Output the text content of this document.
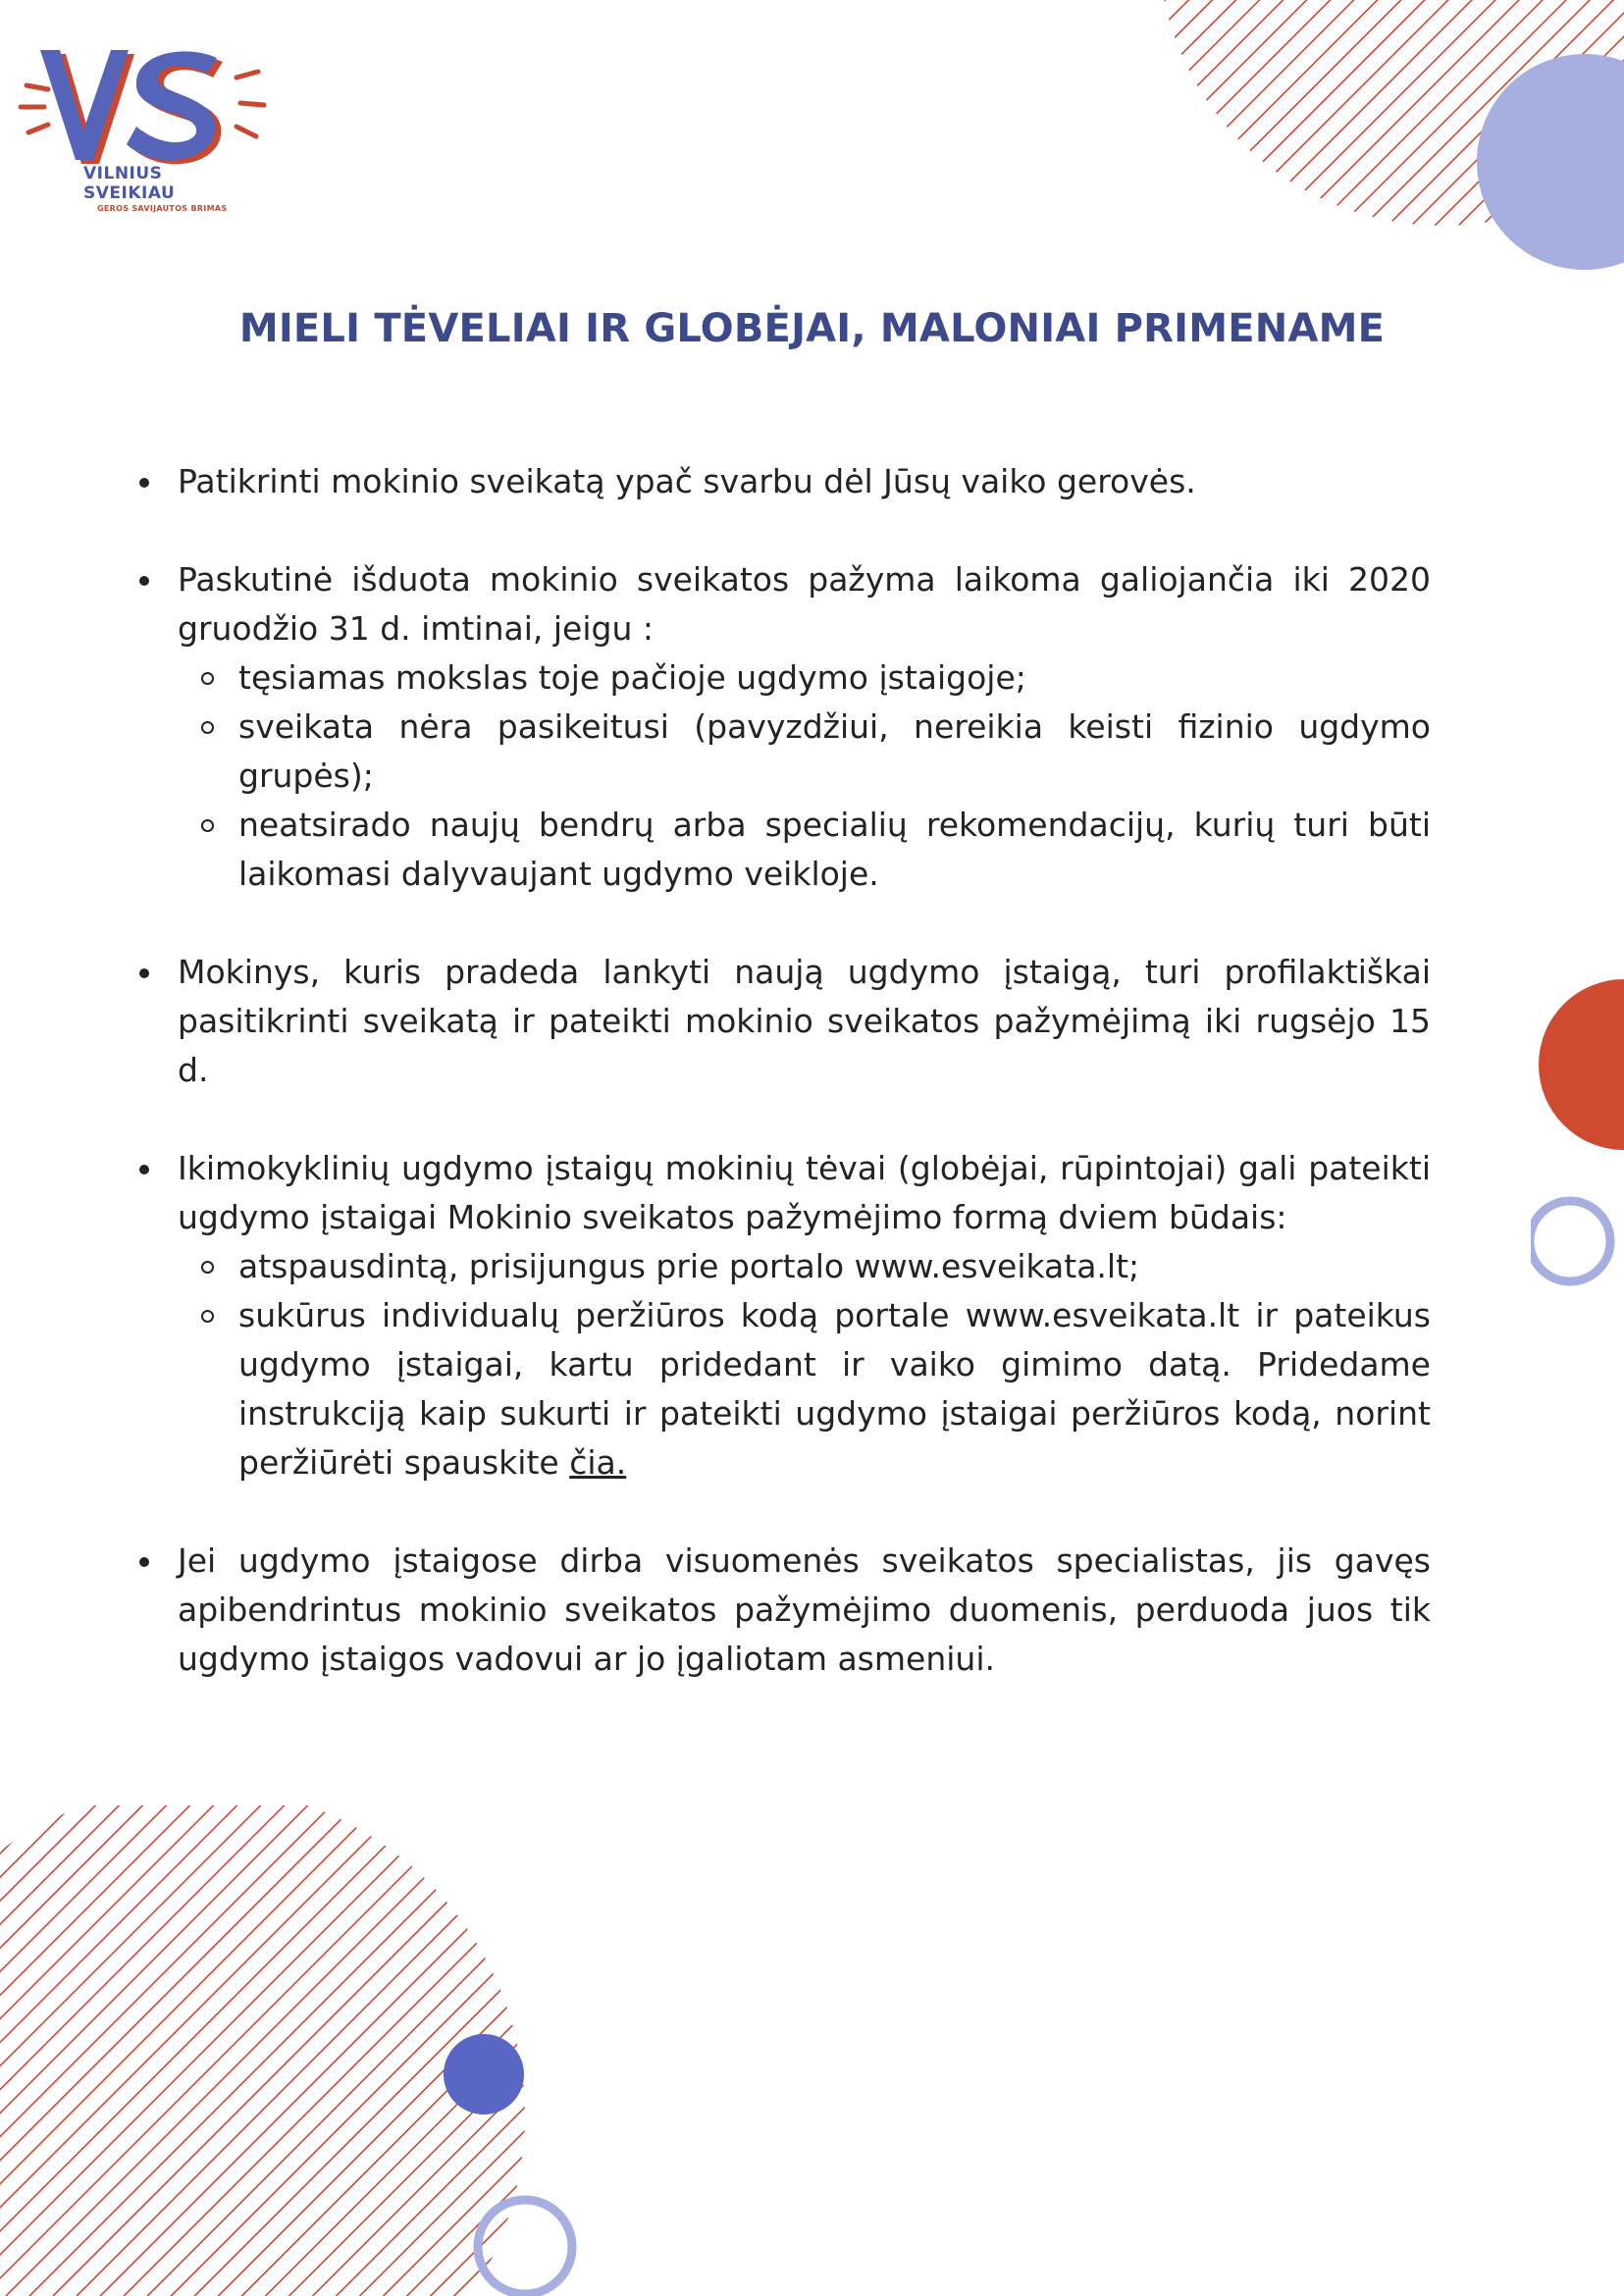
VILNIUS SVEIKIAU
GEROS SAVIJAUTOS BRIMAS
MIELI TĖVELIAI IR GLOBĖJAI, MALONIAI PRIMENAME
Patikrinti mokinio sveikatą ypač svarbu dėl Jūsų vaiko gerovės.
Paskutinė išduota mokinio sveikatos pažyma laikoma galiojančia iki 2020 gruodžio 31 d. imtinai, jeigu :
tęsiamas mokslas toje pačioje ugdymo įstaigoje;
sveikata nėra pasikeitusi (pavyzdžiui, nereikia keisti fizinio ugdymo grupės);
neatsirado naujų bendrų arba specialių rekomendacijų, kurių turi būti laikomasi dalyvaujant ugdymo veikloje.
Mokinys, kuris pradeda lankyti naują ugdymo įstaigą, turi profilaktiškai pasitikrinti sveikatą ir pateikti mokinio sveikatos pažymėjimą iki rugsėjo 15 d.
Ikimokyklinių ugdymo įstaigų mokinių tėvai (globėjai, rūpintojai) gali pateikti ugdymo įstaigai Mokinio sveikatos pažymėjimo formą dviem būdais:
atspausdintą, prisijungus prie portalo www.esveikata.lt;
sukūrus individualų peržiūros kodą portale www.esveikata.lt ir pateikus ugdymo įstaigai, kartu pridedant ir vaiko gimimo datą. Pridedame instrukciją kaip sukurti ir pateikti ugdymo įstaigai peržiūros kodą, norint peržiūrėti spauskite čia.
Jei ugdymo įstaigose dirba visuomenės sveikatos specialistas, jis gavęs apibendrintus mokinio sveikatos pažymėjimo duomenis, perduoda juos tik ugdymo įstaigos vadovui ar jo įgaliotam asmeniui.
